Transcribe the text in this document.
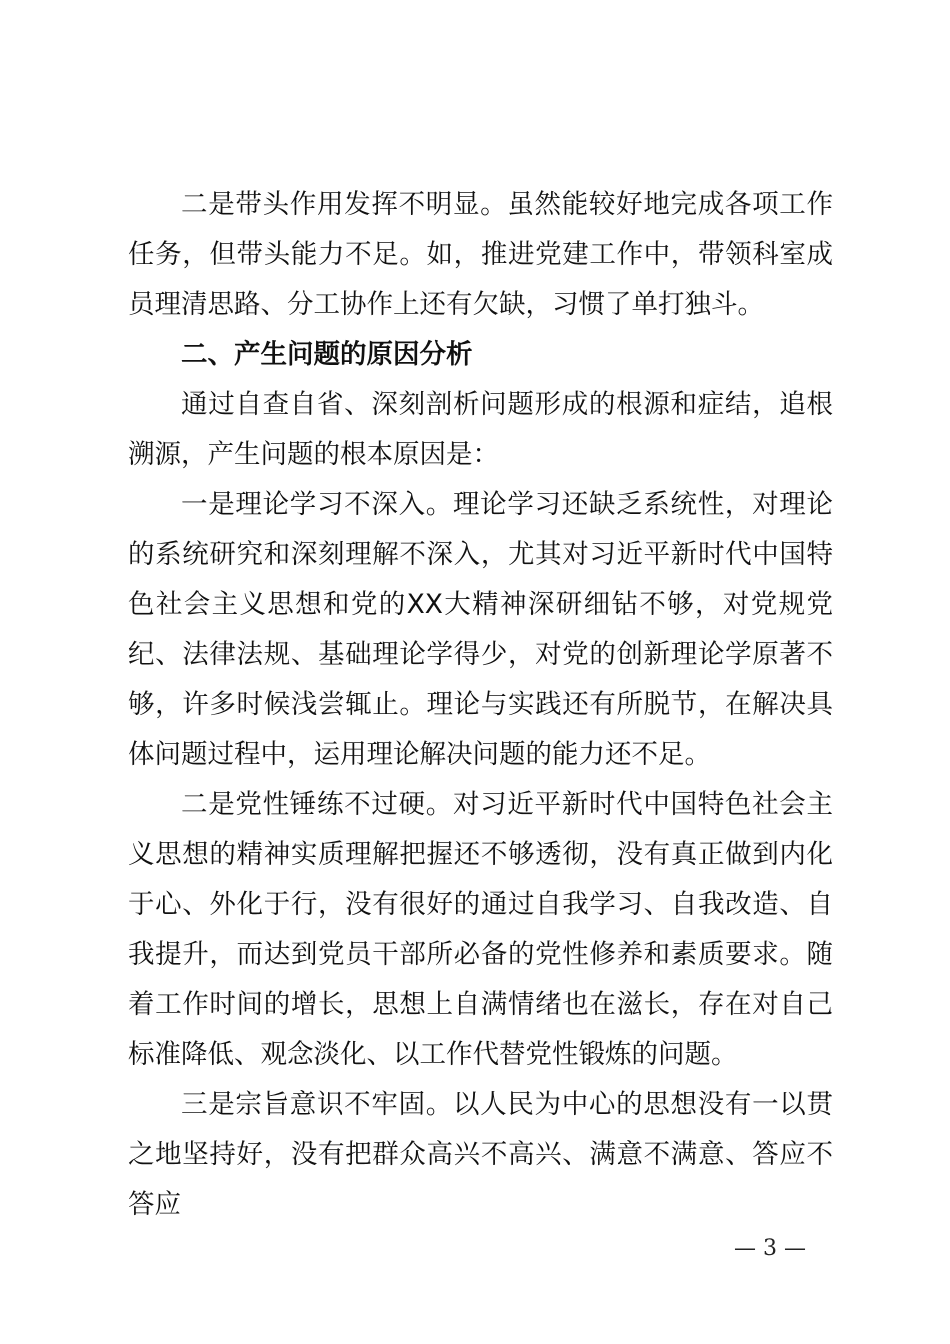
二是带头作用发挥不明显。虽然能较好地完成各项工作任务，但带头能力不足。如，推进党建工作中，带领科室成员理清思路、分工协作上还有欠缺，习惯了单打独斗。

二、产生问题的原因分析

通过自查自省、深刻剖析问题形成的根源和症结，追根溯源，产生问题的根本原因是：

一是理论学习不深入。理论学习还缺乏系统性，对理论的系统研究和深刻理解不深入，尤其对习近平新时代中国特色社会主义思想和党的XX大精神深研细钻不够，对党规党纪、法律法规、基础理论学得少，对党的创新理论学原著不够，许多时候浅尝辄止。理论与实践还有所脱节，在解决具体问题过程中，运用理论解决问题的能力还不足。

二是党性锤练不过硬。对习近平新时代中国特色社会主义思想的精神实质理解把握还不够透彻，没有真正做到内化于心、外化于行，没有很好的通过自我学习、自我改造、自我提升，而达到党员干部所必备的党性修养和素质要求。随着工作时间的增长，思想上自满情绪也在滋长，存在对自己标准降低、观念淡化、以工作代替党性锻炼的问题。

三是宗旨意识不牢固。以人民为中心的思想没有一以贯之地坚持好，没有把群众高兴不高兴、满意不满意、答应不答应

— 3 —
